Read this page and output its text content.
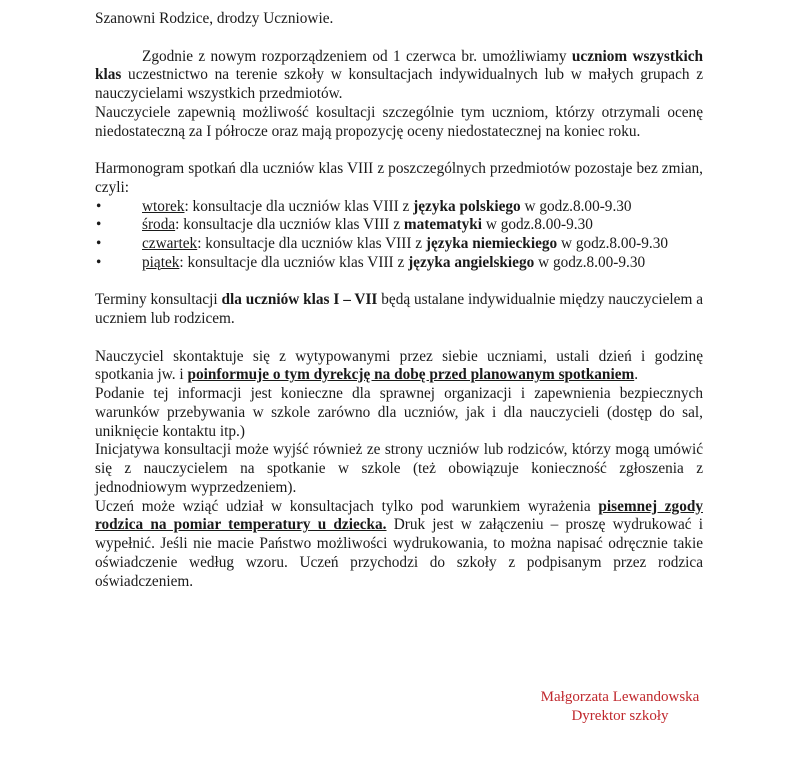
Szanowni Rodzice, drodzy Uczniowie.

Zgodnie z nowym rozporządzeniem od 1 czerwca br. umożliwiamy uczniom wszystkich klas uczestnictwo na terenie szkoły w konsultacjach indywidualnych lub w małych grupach z nauczycielami wszystkich przedmiotów.

Nauczyciele zapewnią możliwość kosultacji szczególnie tym uczniom, którzy otrzymali ocenę niedostateczną za I półrocze oraz mają propozycję oceny niedostatecznej na koniec roku.

Harmonogram spotkań dla uczniów klas VIII z poszczególnych przedmiotów pozostaje bez zmian, czyli:

•	wtorek: konsultacje dla uczniów klas VIII z języka polskiego w godz.8.00-9.30
•	środa: konsultacje dla uczniów klas VIII z matematyki w godz.8.00-9.30
•	czwartek: konsultacje dla uczniów klas VIII z języka niemieckiego w godz.8.00-9.30
•	piątek: konsultacje dla uczniów klas VIII z języka angielskiego w godz.8.00-9.30

Terminy konsultacji dla uczniów klas I – VII będą ustalane indywidualnie między nauczycielem a uczniem lub rodzicem.

Nauczyciel skontaktuje się z wytypowanymi przez siebie uczniami, ustali dzień i godzinę spotkania jw. i poinformuje o tym dyrekcję na dobę przed planowanym spotkaniem.

Podanie tej informacji jest konieczne dla sprawnej organizacji i zapewnienia bezpiecznych warunków przebywania w szkole zarówno dla uczniów, jak i dla nauczycieli (dostęp do sal, uniknięcie kontaktu itp.)

Inicjatywa konsultacji może wyjść również ze strony uczniów lub rodziców, którzy mogą umówić się z nauczycielem na spotkanie w szkole (też obowiązuje konieczność zgłoszenia z jednodniowym wyprzedzeniem).

Uczeń może wziąć udział w konsultacjach tylko pod warunkiem wyrażenia pisemnej zgody rodzica na pomiar temperatury u dziecka. Druk jest w załączeniu – proszę wydrukować i wypełnić. Jeśli nie macie Państwo możliwości wydrukowania, to można napisać odręcznie takie oświadczenie według wzoru. Uczeń przychodzi do szkoły z podpisanym przez rodzica oświadczeniem.

Małgorzata Lewandowska
Dyrektor szkoły
